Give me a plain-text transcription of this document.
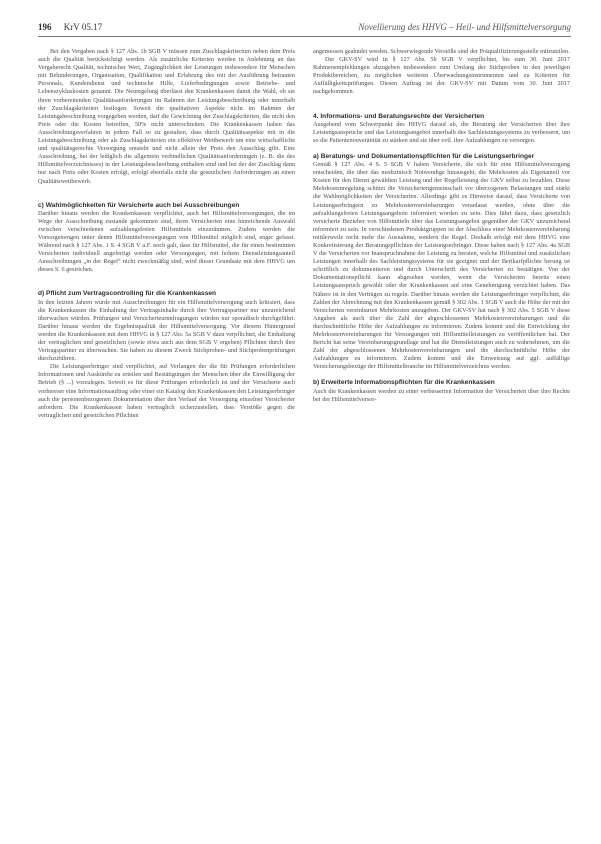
196 KrV 05.17	Novellierung des HHVG – Heil- und Hilfsmittelversorgung

Bei den Vergaben nach § 127 Abs. 1b SGB V müssen zum Zuschlagskriterium neben dem Preis auch die Qualität berücksichtigt werden. Als zusätzliche Kriterien werden in Anlehnung an das Vergaberecht Qualität, technischer Wert, Zugänglichkeit der Leistungen insbesondere für Menschen mit Behinderungen, Organisation, Qualifikation und Erfahrung des mit der Ausführung betrauten Personals, Kundendienst und technische Hilfe, Lieferbedingungen sowie Betriebs- und Lebenszykluskosten genannt. Die Neuregelung überlässt den Krankenkassen damit die Wahl, ob sie ihren vorbereitenden Qualitätsanforderungen im Rahmen der Leistungsbeschreibung oder innerhalb der Zuschlagskriterien festlegen. Soweit die qualitativen Aspekte nicht im Rahmen der Leistungsbeschreibung vorgegeben werden, darf die Gewichtung der Zuschlagskriterien, die nicht den Preis oder die Kosten betreffen, 50% nicht unterschreiten. Die Krankenkassen haben das Ausschreibungsverfahren in jedem Fall so zu gestalten, dass durch Qualitätsaspekte mit in die Leistungsbeschreibung oder als Zuschlagskriterien ein effektiver Wettbewerb um eine wirtschaftliche und qualitätsgerechte Versorgung entsteht und nicht allein der Preis den Ausschlag gibt. Eine Ausschreibung, bei der lediglich die allgemein verbindlichen Qualitätsanforderungen (z. B. die des Hilfsmittelverzeichnisses) in der Leistungsbeschreibung enthalten sind und bei der der Zuschlag dann nur nach Preis oder Kosten erfolgt, erfolgt ebenfalls nicht die gesetzlichen Anforderungen an einen Qualitätswettbewerb.

c) Wahlmöglichkeiten für Versicherte auch bei Ausschreibungen

Darüber hinaus werden die Krankenkassen verpflichtet, auch bei Hilfsmittelversorgungen, die im Wege der Ausschreibung zustande gekommen sind, ihren Versicherten eine hinreichende Auswahl zwischen verschiedenen aufzahlungsfreien Hilfsmitteln einzuräumen. Zudem werden die Vorsorgetrengen unter denen Hilfsmittelversorgungen von Hilfsmittel möglich sind, enger gefasst. Während nach § 127 Abs. 1 S. 4 SGB V a.F. noch galt, dass für Hilfsmittel, die für einen bestimmten Versicherten individuell angefertigt werden oder Versorgungen, mit hohem Dienstleistungsanteil Ausschreibungen „in der Regel“ nicht zweckmäßig sind, wird dieser Grundsatz mit dem HHVG um dieses S. 6 gestrichen.

d) Pflicht zum Vertragscontrolling für die Krankenkassen

In den letzten Jahren wurde mit Ausschreibungen für ein Hilfsmittelversorgung auch kritisiert, dass die Krankenkassen die Einhaltung der Vertragsinhalte durch ihre Vertragspartner nur unzureichend überwachen würden. Prüfungen und Versicherteurnnfragungen würden nur sporadisch durchgeführt. Darüber hinaus werden die Ergebnisqualität der Hilfsmittelversorgung. Vor diesem Hintergrund werden die Krankenkassen mit dem HHVG in § 127 Abs. 5a SGB V dazu verpflichtet, die Einhaltung der vertraglichen und gesetzlichen (sowie etwa auch aus dem SGB V ergeben) Pflichten durch ihre Vertragspartner zu überwachen. Sie haben zu diesem Zweck Stichproben- und Stichprobenprüfungen durchzuführen.

Die Leistungserbringer sind verpflichtet, auf Verlangen der die für Prüfungen erforderlichen Informationen und Auskünfte zu erteilen und Bestätigungen der Menschen über die Einwilligung der Betrieb (§ ...) vorzulegen. Soweit es für diese Prüfungen erforderlich ist und der Versicherte auch vorhereser eine Informationsauftrag oder einer ein Katalog den Krankenkassen den Leistungserbringer auch die personenbezogenen Dokumentation über den Verlauf der Versorgung einzelner Versicherter anfordern. Die Krankenkassen haben vertraglich sicherzustellen, dass Verstöße gegen die vertraglichen und gesetzlichen Pflichten

angemessen geahndet werden. Schwerwiegende Verstöße sind der Präqualifizierungsstelle mitzuteilen.

Der GKV-SV wird in § 127 Abs. 5b SGB V verpflichtet, bis zum 30. Juni 2017 Rahmenempfehlungen abzugeben insbesondere zum Umfang der Stichproben in den jeweiligen Produktbereichen, zu möglichen weiteren Überwachungsinstrumenten und zu Kriterien für Auffälligkeitsprüfungen. Diesen Auftrag ist der GKV-SV mit Datum vom 30. Juni 2017 nachgekommen.

4. Informations- und Beratungsrechte der Versicherten

Ausgehend vom Schwerpunkt des HHVG darauf ab, die Beratung der Versicherten über ihre Leistungsansprüche und das Leistungsangebot innerhalb des Sachleistungssystems zu verbessern, um so die Patientenouveränität zu stärken und sie über evtl. ihre Aufzahlungen zu versorgen.

a) Beratungs- und Dokumentationspflichten für die Leistungserbringer

Gemäß § 127 Abs. 4 S. 5 SGB V haben Versicherte, die sich für eine Hilfsmittelversorgung entscheiden, die über das medizinisch Notwendige hinausgeht, die Mehrkosten als Eigenanteil vor Kosten für den Dienst gewählten Leistung und der Regelleistung der GKV selbst zu bezahlen. Diese Mehrkostenregelung schützt die Versichertengemeinschaft vor überzogenen Belastungen und stärkt die Wahlmöglichkeiten der Versicherten. Allerdings gibt es Hinweise darauf, dass Versicherte von Leistungserbringern zu Mehrkostenvereinbarungen veranlasst werden, ohne über die aufzahlungsfreien Leistungsangebote informiert worden zu sein. Dies führt dazu, dass gesetzlich versicherte Bezieher von Hilfsmitteln über das Leistungsangebot gegenüber der GKV unzureichend informiert zu sein. In verschiedenen Produktgruppen ist der Abschluss einer Mehrkostenvereinbarung mittlerweile nicht mehr die Ausnahme, sondern die Regel. Deshalb erfolgt mit dem HHVG eine Konkretisierung der Beratungspflichten der Leistungserbringer. Diese haben nach § 127 Abs. 4a SGB V die Versicherten vor Inanspruchnahme der Leistung zu beraten, welche Hilfsmittel und zusätzlichen Leistungen innerhalb des Sachleistungssystems für sie geeignet und der Berikarfpflichte berung ist schriftlich zu dokumentieren und durch Unterschrift des Versicherten zu bestätigen. Von der Dokumentationspflicht kann abgesehen werden, wenn die Versicherten bereits einen Leistungsanspruch gewählt oder der Krankenkassen auf eine Genehmigung verzichtet haben. Das Nähere ist in den Verträgen zu regeln. Darüber hinaus werden die Leistungserbringer verpflichtet, die Zahlen der Abrechnung mit den Krankenkassen gemäß § 302 Abs. 1 SGB V auch die Höhe der mit der Versicherten vereinbarten Mehrkosten anzugeben. Der GKV-SV hat nach § 302 Abs. 5 SGB V diese Angaben als auch über die Zahl der abgeschlossenen Mehrkostenvereinbarungen und die durchschnittliche Höhe der Aufzahlungen zu informieren. Zudem kommt und die Entwicklung der Mehrkostenvereinbarungen für Versorgungen mit Hilfsmittelleistungen zu veröffentlichen hat. Der Bericht hat seine Vereinbarungsgrundlage und hat die Dienstleistungen auch zu wahrnehmen, um die Zahl der abgeschlossenen Mehrkostenvereinbarungen und die durchschnittliche Höhe der Aufzahlungen zu informieren. Zudem kommt und die Einweisung auf ggf. auffällige Versicherungsbezüge der Hilfsmittelbranche im Hilfsmittelverzeichnis werden.

b) Erweiterte Informationspflichten für die Krankenkassen

Auch die Krankenkassen werden zu einer verbesserten Information der Versicherten über ihre Rechte bei der Hilfsmittelversor-
